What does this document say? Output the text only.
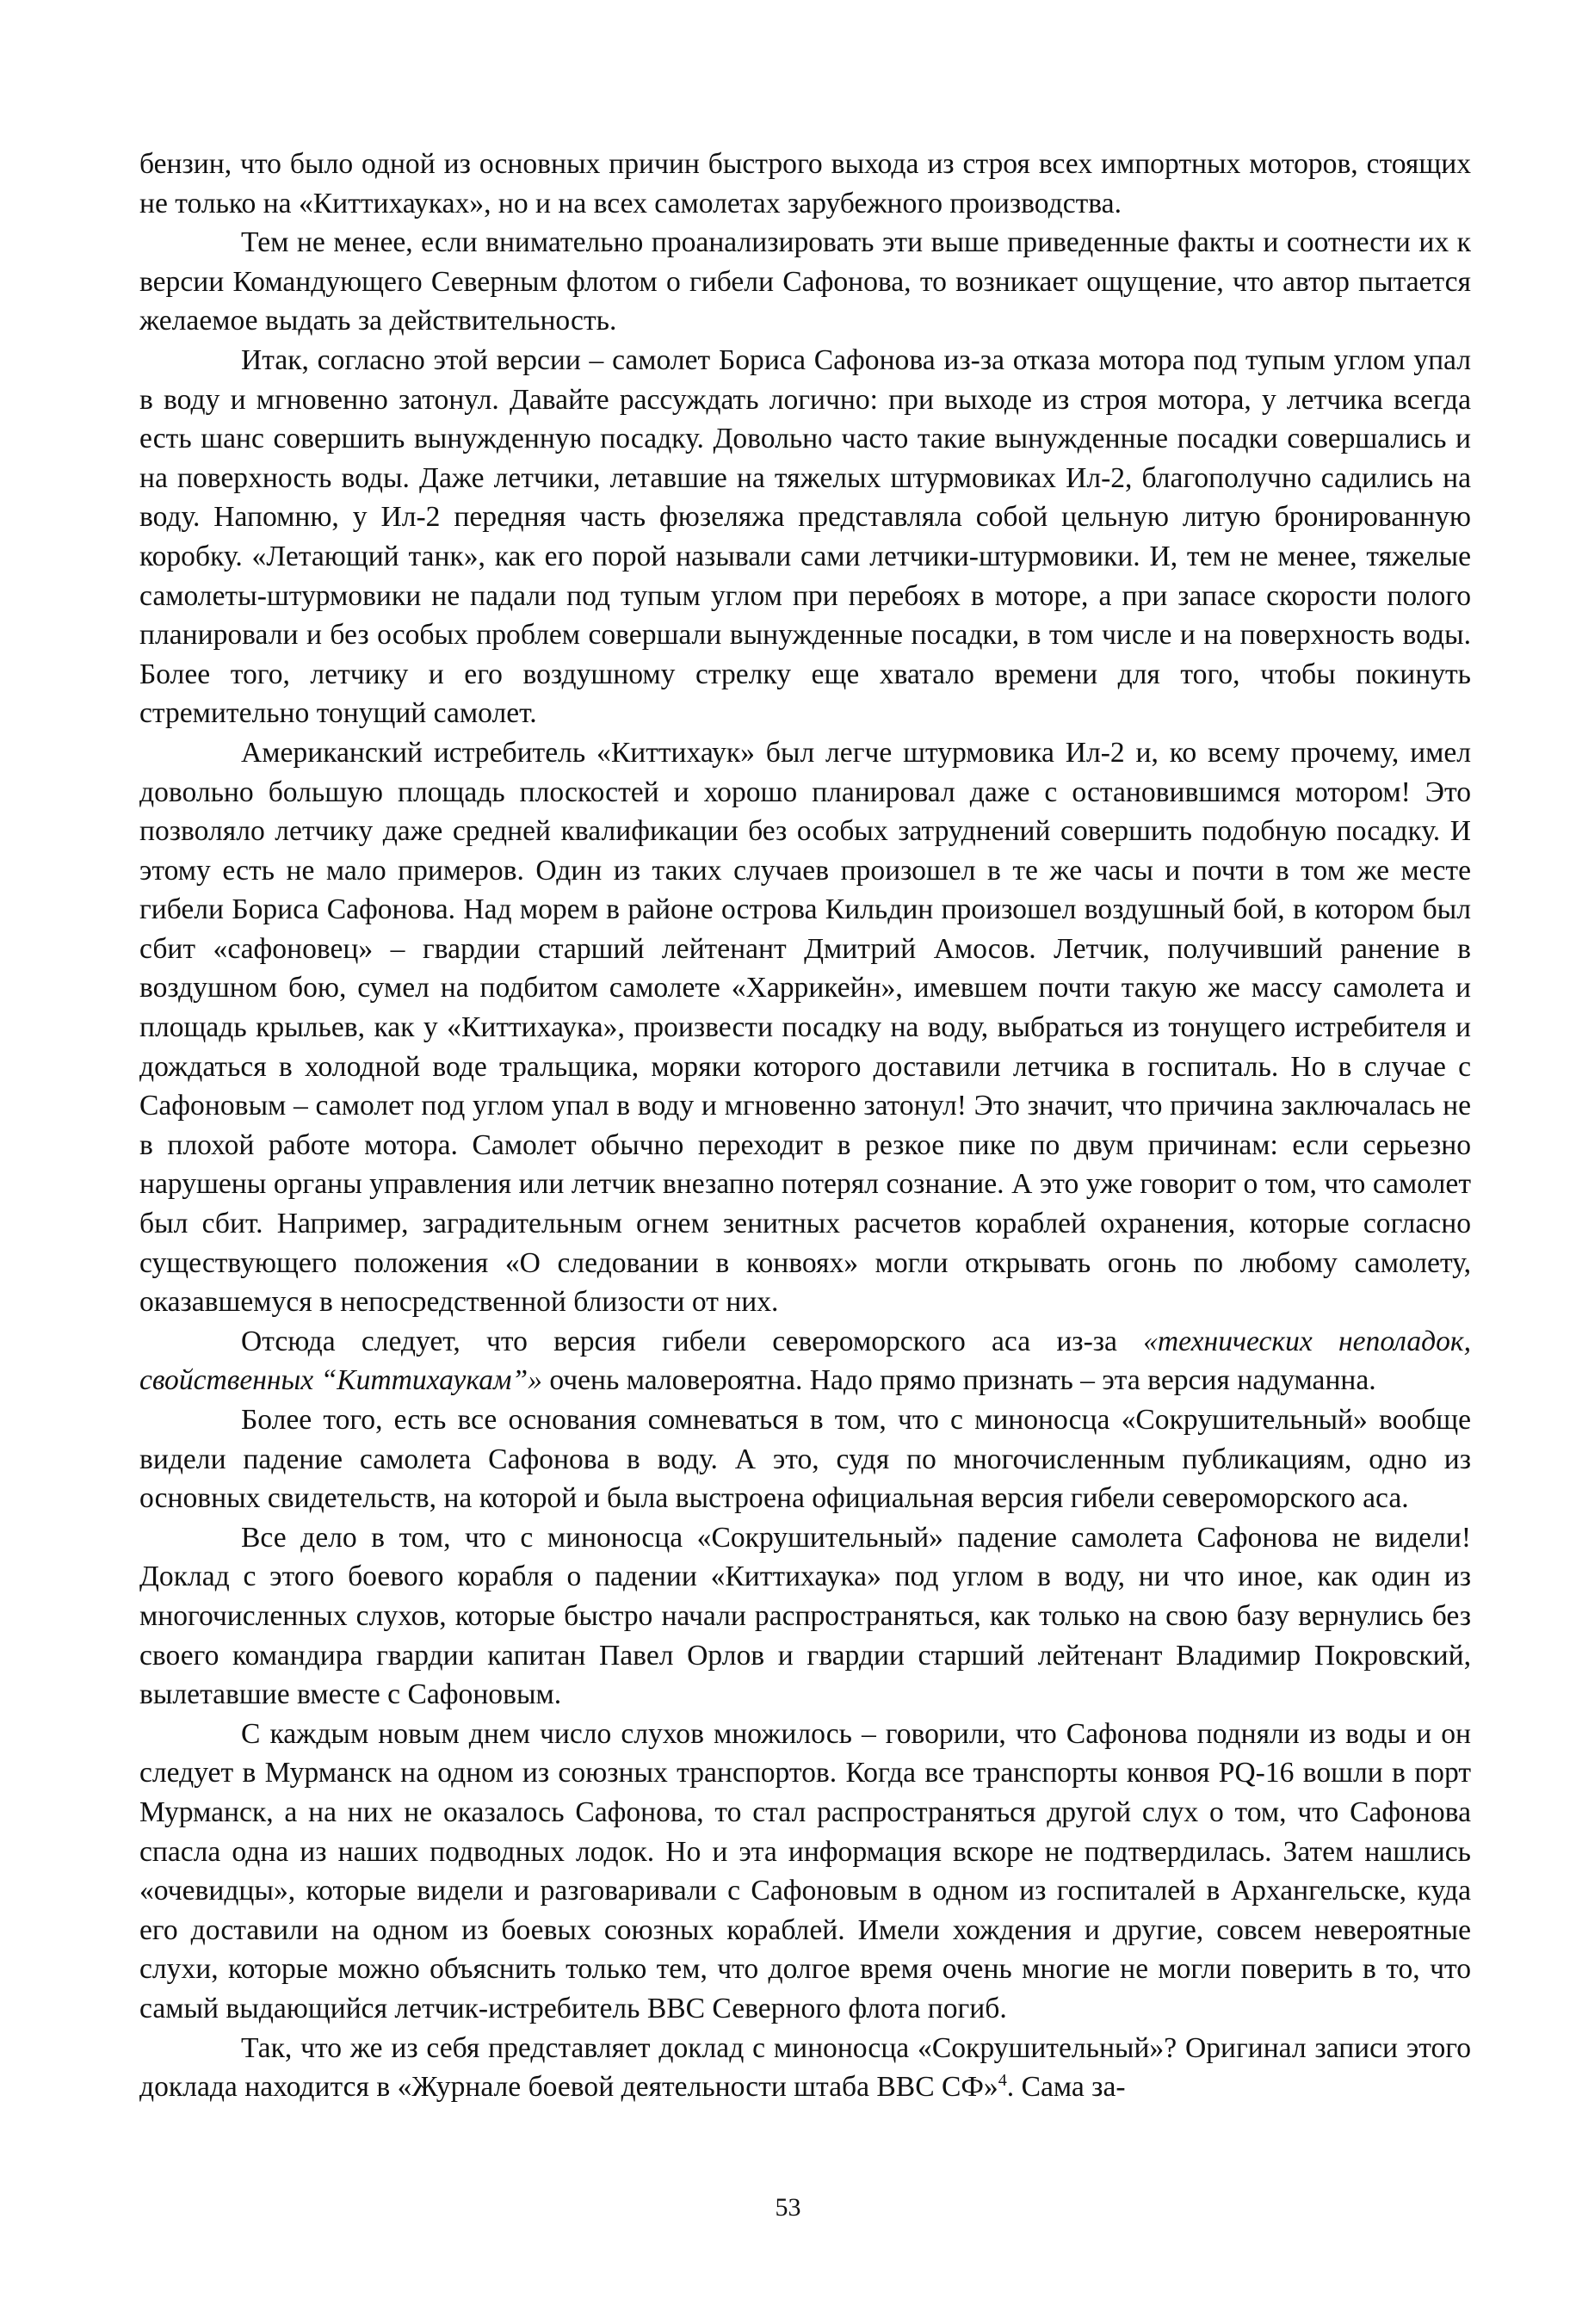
бензин, что было одной из основных причин быстрого выхода из строя всех импортных моторов, стоящих не только на «Киттихауках», но и на всех самолетах зарубежного производства.

Тем не менее, если внимательно проанализировать эти выше приведенные факты и соотнести их к версии Командующего Северным флотом о гибели Сафонова, то возникает ощущение, что автор пытается желаемое выдать за действительность.

Итак, согласно этой версии – самолет Бориса Сафонова из-за отказа мотора под тупым углом упал в воду и мгновенно затонул. Давайте рассуждать логично: при выходе из строя мотора, у летчика всегда есть шанс совершить вынужденную посадку. Довольно часто такие вынужденные посадки совершались и на поверхность воды. Даже летчики, летавшие на тяжелых штурмовиках Ил-2, благополучно садились на воду. Напомню, у Ил-2 передняя часть фюзеляжа представляла собой цельную литую бронированную коробку. «Летающий танк», как его порой называли сами летчики-штурмовики. И, тем не менее, тяжелые самолеты-штурмовики не падали под тупым углом при перебоях в моторе, а при запасе скорости полого планировали и без особых проблем совершали вынужденные посадки, в том числе и на поверхность воды. Более того, летчику и его воздушному стрелку еще хватало времени для того, чтобы покинуть стремительно тонущий самолет.

Американский истребитель «Киттихаук» был легче штурмовика Ил-2 и, ко всему прочему, имел довольно большую площадь плоскостей и хорошо планировал даже с остановившимся мотором! Это позволяло летчику даже средней квалификации без особых затруднений совершить подобную посадку. И этому есть не мало примеров. Один из таких случаев произошел в те же часы и почти в том же месте гибели Бориса Сафонова. Над морем в районе острова Кильдин произошел воздушный бой, в котором был сбит «сафоновец» – гвардии старший лейтенант Дмитрий Амосов. Летчик, получивший ранение в воздушном бою, сумел на подбитом самолете «Харрикейн», имевшем почти такую же массу самолета и площадь крыльев, как у «Киттихаука», произвести посадку на воду, выбраться из тонущего истребителя и дождаться в холодной воде тральщика, моряки которого доставили летчика в госпиталь. Но в случае с Сафоновым – самолет под углом упал в воду и мгновенно затонул! Это значит, что причина заключалась не в плохой работе мотора. Самолет обычно переходит в резкое пике по двум причинам: если серьезно нарушены органы управления или летчик внезапно потерял сознание. А это уже говорит о том, что самолет был сбит. Например, заградительным огнем зенитных расчетов кораблей охранения, которые согласно существующего положения «О следовании в конвоях» могли открывать огонь по любому самолету, оказавшемуся в непосредственной близости от них.

Отсюда следует, что версия гибели североморского аса из-за «технических неполадок, свойственных “Киттихаукам”» очень маловероятна. Надо прямо признать – эта версия надуманна.

Более того, есть все основания сомневаться в том, что с миноносца «Сокрушительный» вообще видели падение самолета Сафонова в воду. А это, судя по многочисленным публикациям, одно из основных свидетельств, на которой и была выстроена официальная версия гибели североморского аса.

Все дело в том, что с миноносца «Сокрушительный» падение самолета Сафонова не видели! Доклад с этого боевого корабля о падении «Киттихаука» под углом в воду, ни что иное, как один из многочисленных слухов, которые быстро начали распространяться, как только на свою базу вернулись без своего командира гвардии капитан Павел Орлов и гвардии старший лейтенант Владимир Покровский, вылетавшие вместе с Сафоновым.

С каждым новым днем число слухов множилось – говорили, что Сафонова подняли из воды и он следует в Мурманск на одном из союзных транспортов. Когда все транспорты конвоя PQ-16 вошли в порт Мурманск, а на них не оказалось Сафонова, то стал распространяться другой слух о том, что Сафонова спасла одна из наших подводных лодок. Но и эта информация вскоре не подтвердилась. Затем нашлись «очевидцы», которые видели и разговаривали с Сафоновым в одном из госпиталей в Архангельске, куда его доставили на одном из боевых союзных кораблей. Имели хождения и другие, совсем невероятные слухи, которые можно объяснить только тем, что долгое время очень многие не могли поверить в то, что самый выдающийся летчик-истребитель ВВС Северного флота погиб.

Так, что же из себя представляет доклад с миноносца «Сокрушительный»? Оригинал записи этого доклада находится в «Журнале боевой деятельности штаба ВВС СФ»$^4$. Сама за-

53
